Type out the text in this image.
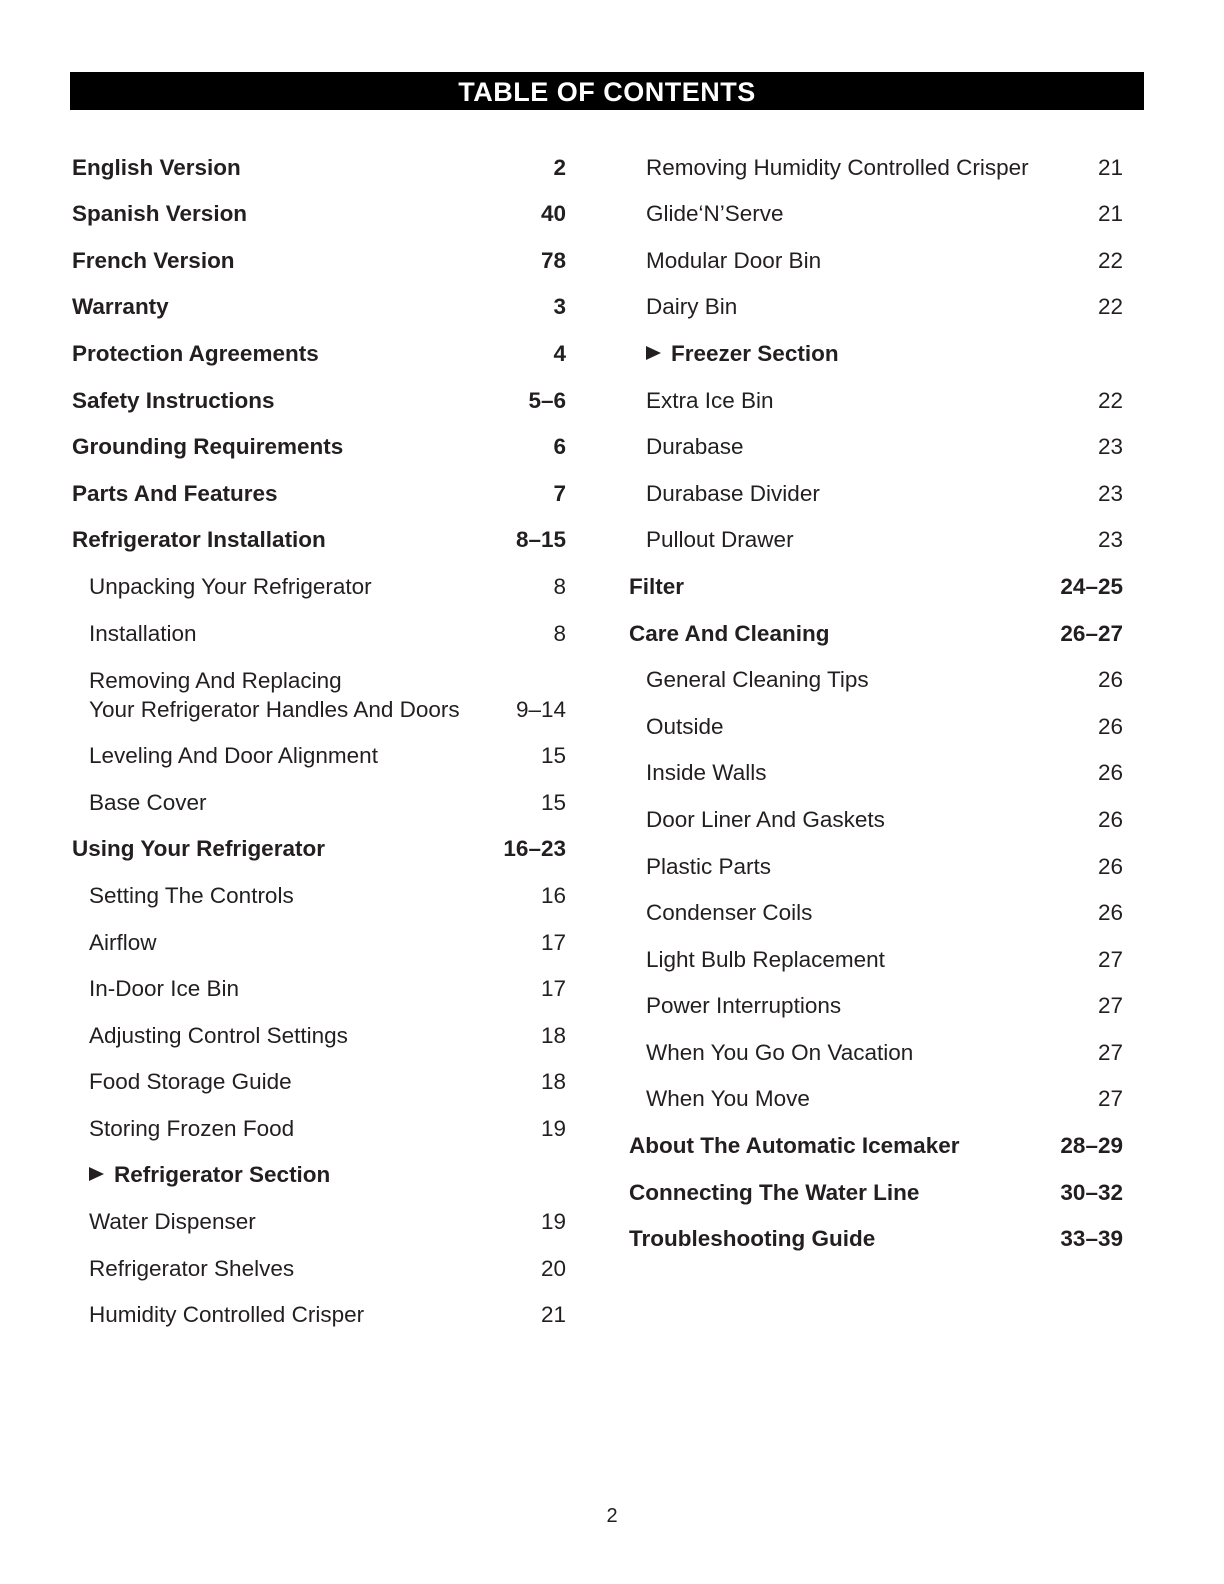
TABLE OF CONTENTS
English Version	2
Spanish Version	40
French Version	78
Warranty	3
Protection Agreements	4
Safety Instructions	5–6
Grounding Requirements	6
Parts And Features	7
Refrigerator Installation	8–15
Unpacking Your Refrigerator	8
Installation	8
Removing And Replacing
Your Refrigerator Handles And Doors	9–14
Leveling And Door Alignment	15
Base Cover	15
Using Your Refrigerator	16–23
Setting The Controls	16
Airflow	17
In-Door Ice Bin	17
Adjusting Control Settings	18
Food Storage Guide	18
Storing Frozen Food	19
Refrigerator Section
Water Dispenser	19
Refrigerator Shelves	20
Humidity Controlled Crisper	21
Removing Humidity Controlled Crisper	21
Glide‘N’Serve	21
Modular Door Bin	22
Dairy Bin	22
Freezer Section
Extra Ice Bin	22
Durabase	23
Durabase Divider	23
Pullout Drawer	23
Filter	24–25
Care And Cleaning	26–27
General Cleaning Tips	26
Outside	26
Inside Walls	26
Door Liner And Gaskets	26
Plastic Parts	26
Condenser Coils	26
Light Bulb Replacement	27
Power Interruptions	27
When You Go On Vacation	27
When You Move	27
About The Automatic Icemaker	28–29
Connecting The Water Line	30–32
Troubleshooting Guide	33–39
2
